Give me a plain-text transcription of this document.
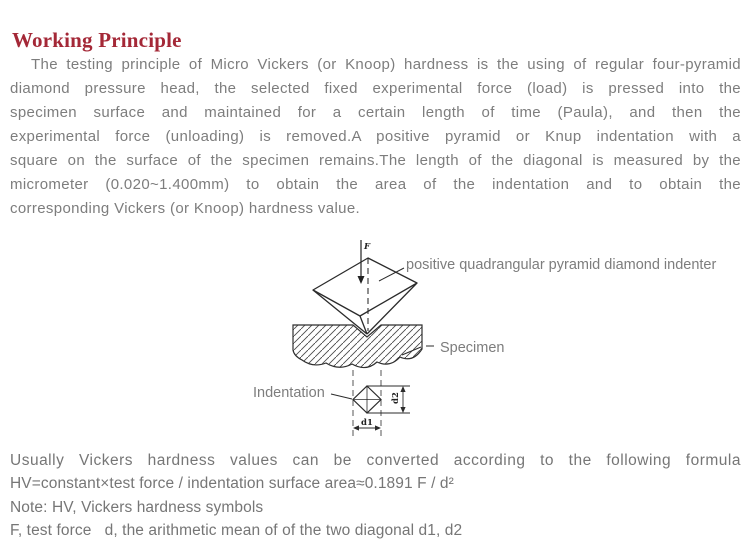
Working Principle
The testing principle of Micro Vickers (or Knoop) hardness is the using of regular four-pyramid
diamond pressure head, the selected fixed experimental force (load) is pressed into the
specimen surface and maintained for a certain length of time (Paula), and then the
experimental force (unloading) is removed.A positive pyramid or Knup indentation with a
square on the surface of the specimen remains.The length of the diagonal is measured by the
micrometer (0.020~1.400mm) to obtain the area of the indentation and to obtain the
corresponding Vickers (or Knoop) hardness value.
F
positive quadrangular pyramid diamond indenter
Specimen
Indentation	d2
d1
Usually Vickers hardness values can be converted according to the following formula
HV=constant×test force / indentation surface area≈0.1891 F / d²
Note: HV, Vickers hardness symbols
F, test force   d, the arithmetic mean of of the two diagonal d1, d2
